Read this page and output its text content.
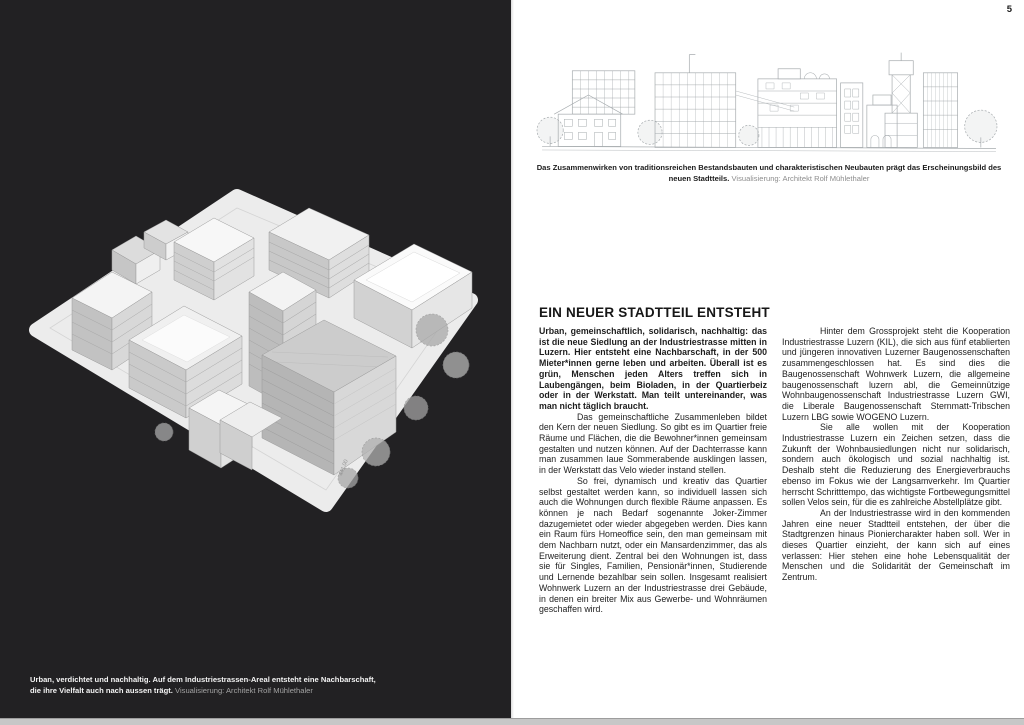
441.00
Urban, verdichtet und nachhaltig. Auf dem Industriestrassen-Areal entsteht eine Nachbarschaft, die ihre Vielfalt auch nach aussen trägt. Visualisierung: Architekt Rolf Mühlethaler
5
Das Zusammenwirken von traditionsreichen Bestandsbauten und charakteristischen Neubauten prägt das Erscheinungsbild des neuen Stadtteils. Visualisierung: Architekt Rolf Mühlethaler
EIN NEUER STADTTEIL ENTSTEHT

Urban, gemeinschaftlich, solidarisch, nachhaltig: das ist die neue Siedlung an der Industriestrasse mitten in Luzern. Hier entsteht eine Nachbarschaft, in der 500 Mieter*innen gerne leben und arbeiten. Überall ist es grün, Menschen jeden Alters treffen sich in Laubengängen, beim Bioladen, in der Quartierbeiz oder in der Werkstatt. Man teilt untereinander, was man nicht täglich braucht.

Das gemeinschaftliche Zusammenleben bildet den Kern der neuen Siedlung. So gibt es im Quartier freie Räume und Flächen, die die Bewohner*innen gemeinsam gestalten und nutzen können. Auf der Dachterrasse kann man zusammen laue Sommerabende ausklingen lassen, in der Werkstatt das Velo wieder instand stellen.

So frei, dynamisch und kreativ das Quartier selbst gestaltet werden kann, so individuell lassen sich auch die Wohnungen durch flexible Räume anpassen. Es können je nach Bedarf sogenannte Joker-Zimmer dazugemietet oder wieder abgegeben werden. Dies kann ein Raum fürs Homeoffice sein, den man gemeinsam mit dem Nachbarn nutzt, oder ein Mansardenzimmer, das als Erweiterung dient. Zentral bei den Wohnungen ist, dass sie für Singles, Familien, Pensionär*innen, Studierende und Lernende bezahlbar sein sollen. Insgesamt realisiert Wohnwerk Luzern an der Industriestrasse drei Gebäude, in denen ein breiter Mix aus Gewerbe- und Wohnräumen geschaffen wird.

Hinter dem Grossprojekt steht die Kooperation Industriestrasse Luzern (KIL), die sich aus fünf etablierten und jüngeren innovativen Luzerner Baugenossenschaften zusammengeschlossen hat. Es sind dies die Baugenossenschaft Wohnwerk Luzern, die allgemeine baugenossenschaft luzern abl, die Gemeinnützige Wohnbaugenossenschaft Industriestrasse Luzern GWI, die Liberale Baugenossenschaft Sternmatt-Tribschen Luzern LBG sowie WOGENO Luzern.

Sie alle wollen mit der Kooperation Industriestrasse Luzern ein Zeichen setzen, dass die Zukunft der Wohnbausiedlungen nicht nur solidarisch, sondern auch ökologisch und sozial nachhaltig ist. Deshalb steht die Reduzierung des Energieverbrauchs ebenso im Fokus wie der Langsamverkehr. Im Quartier herrscht Schritttempo, das wichtigste Fortbewegungsmittel sollen Velos sein, für die es zahlreiche Abstellplätze gibt.

An der Industriestrasse wird in den kommenden Jahren eine neuer Stadtteil entstehen, der über die Stadtgrenzen hinaus Pioniercharakter haben soll. Wer in dieses Quartier einzieht, der kann sich auf eines verlassen: Hier stehen eine hohe Lebensqualität der Menschen und die Solidarität der Gemeinschaft im Zentrum.
